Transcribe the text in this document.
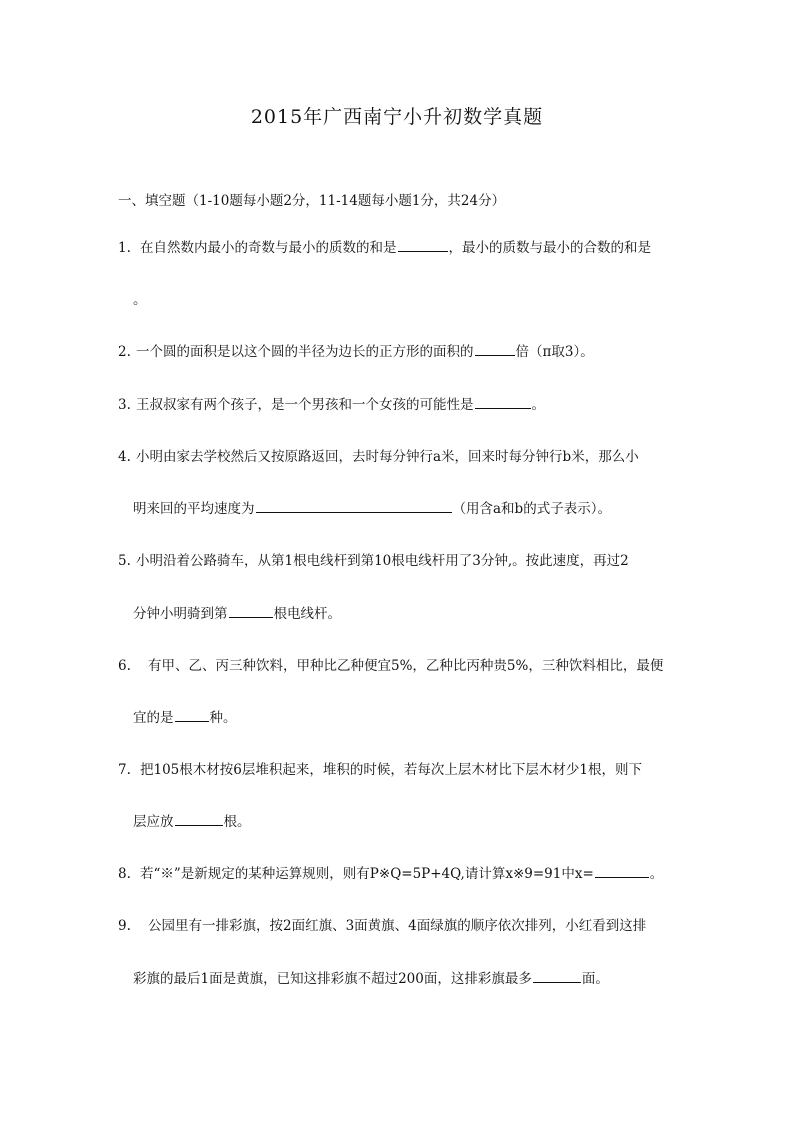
2015年广西南宁小升初数学真题
一、填空题（1-10题每小题2分，11-14题每小题1分，共24分）
1. 在自然数内最小的奇数与最小的质数的和是	，最小的质数与最小的合数的和是
。
2. 一个圆的面积是以这个圆的半径为边长的正方形的面积的	倍（π取3）。
3. 王叔叔家有两个孩子，是一个男孩和一个女孩的可能性是	。
4. 小明由家去学校然后又按原路返回，去时每分钟行a米，回来时每分钟行b米，那么小
明来回的平均速度为	（用含a和b的式子表示）。
5. 小明沿着公路骑车，从第1根电线杆到第10根电线杆用了3分钟,。按此速度，再过2
分钟小明骑到第	根电线杆。
6. 有甲、乙、丙三种饮料，甲种比乙种便宜5%，乙种比丙种贵5%，三种饮料相比，最便
宜的是	种。
7. 把105根木材按6层堆积起来，堆积的时候，若每次上层木材比下层木材少1根，则下
层应放	根。
8. 若“※”是新规定的某种运算规则，则有P※Q=5P+4Q,请计算x※9=91中x=	。
9. 公园里有一排彩旗，按2面红旗、3面黄旗、4面绿旗的顺序依次排列，小红看到这排
彩旗的最后1面是黄旗，已知这排彩旗不超过200面，这排彩旗最多	面。
